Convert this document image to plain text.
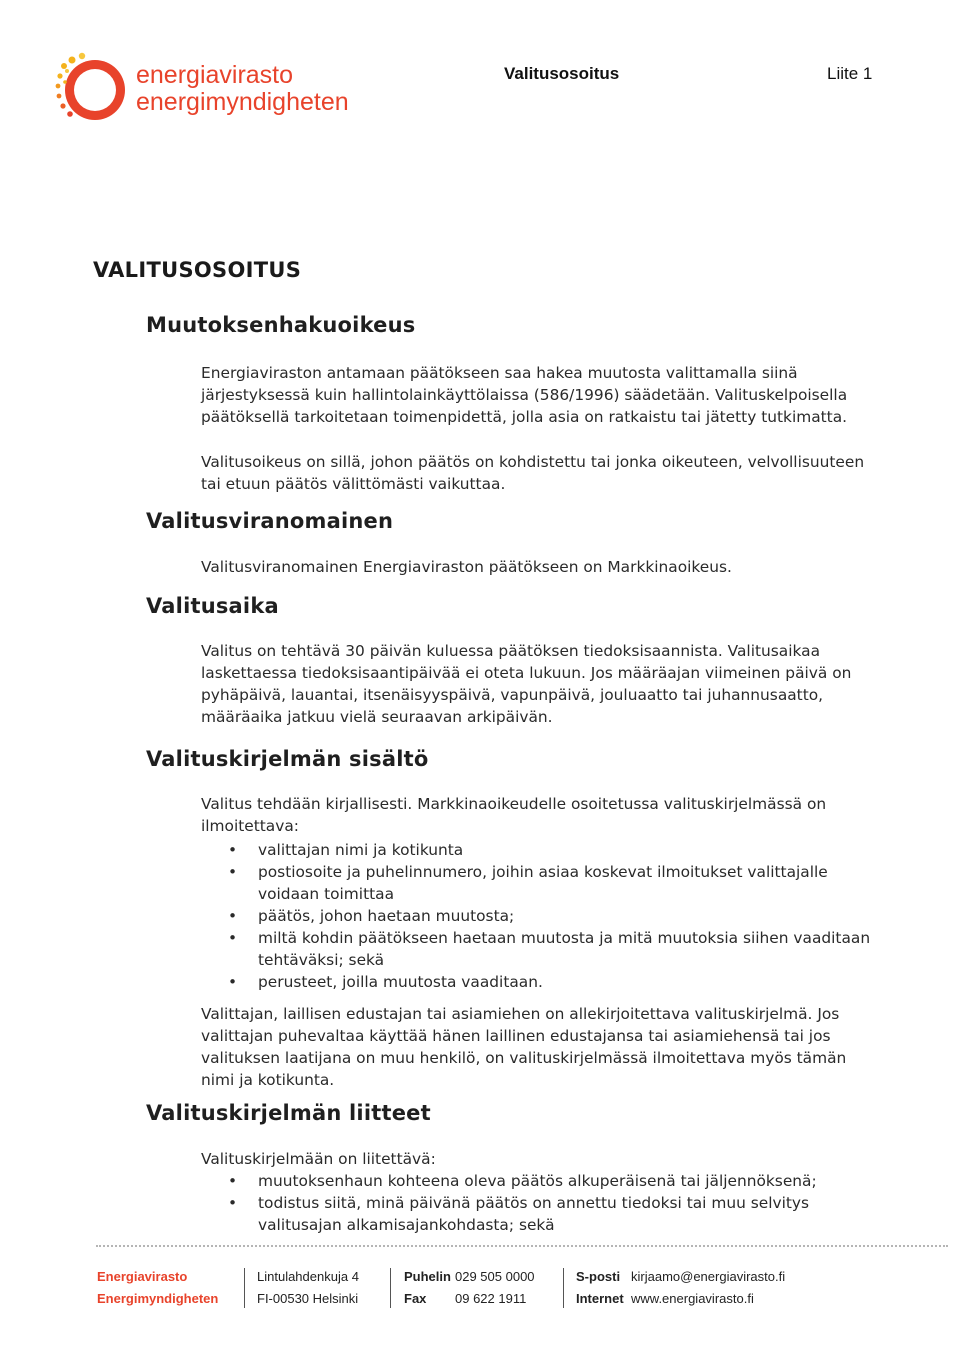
energiavirasto
energimyndigheten
Valitusosoitus	Liite 1
VALITUSOSOITUS
Muutoksenhakuoikeus

Energiaviraston antamaan päätökseen saa hakea muutosta valittamalla siinä järjestyksessä kuin hallintolainkäyttölaissa (586/1996) säädetään. Valituskelpoisella päätöksellä tarkoitetaan toimenpidettä, jolla asia on ratkaistu tai jätetty tutkimatta.

Valitusoikeus on sillä, johon päätös on kohdistettu tai jonka oikeuteen, velvollisuuteen tai etuun päätös välittömästi vaikuttaa.

Valitusviranomainen

Valitusviranomainen Energiaviraston päätökseen on Markkinaoikeus.

Valitusaika

Valitus on tehtävä 30 päivän kuluessa päätöksen tiedoksisaannista. Valitusaikaa laskettaessa tiedoksisaantipäivää ei oteta lukuun. Jos määräajan viimeinen päivä on pyhäpäivä, lauantai, itsenäisyyspäivä, vapunpäivä, jouluaatto tai juhannusaatto, määräaika jatkuu vielä seuraavan arkipäivän.

Valituskirjelmän sisältö

Valitus tehdään kirjallisesti. Markkinaoikeudelle osoitetussa valituskirjelmässä on ilmoitettava:

• valittajan nimi ja kotikunta
• postiosoite ja puhelinnumero, joihin asiaa koskevat ilmoitukset valittajalle voidaan toimittaa
• päätös, johon haetaan muutosta;
• miltä kohdin päätökseen haetaan muutosta ja mitä muutoksia siihen vaaditaan tehtäväksi; sekä
• perusteet, joilla muutosta vaaditaan.

Valittajan, laillisen edustajan tai asiamiehen on allekirjoitettava valituskirjelmä. Jos valittajan puhevaltaa käyttää hänen laillinen edustajansa tai asiamiehensä tai jos valituksen laatijana on muu henkilö, on valituskirjelmässä ilmoitettava myös tämän nimi ja kotikunta.

Valituskirjelmän liitteet

Valituskirjelmään on liitettävä:

• muutoksenhaun kohteena oleva päätös alkuperäisenä tai jäljennöksenä;
• todistus siitä, minä päivänä päätös on annettu tiedoksi tai muu selvitys valitusajan alkamisajankohdasta; sekä
Energiavirasto
Energimyndigheten
Lintulahdenkuja 4
FI-00530 Helsinki
Puhelin 029 505 0000
Fax 09 622 1911
S-posti kirjaamo@energiavirasto.fi
Internet www.energiavirasto.fi
